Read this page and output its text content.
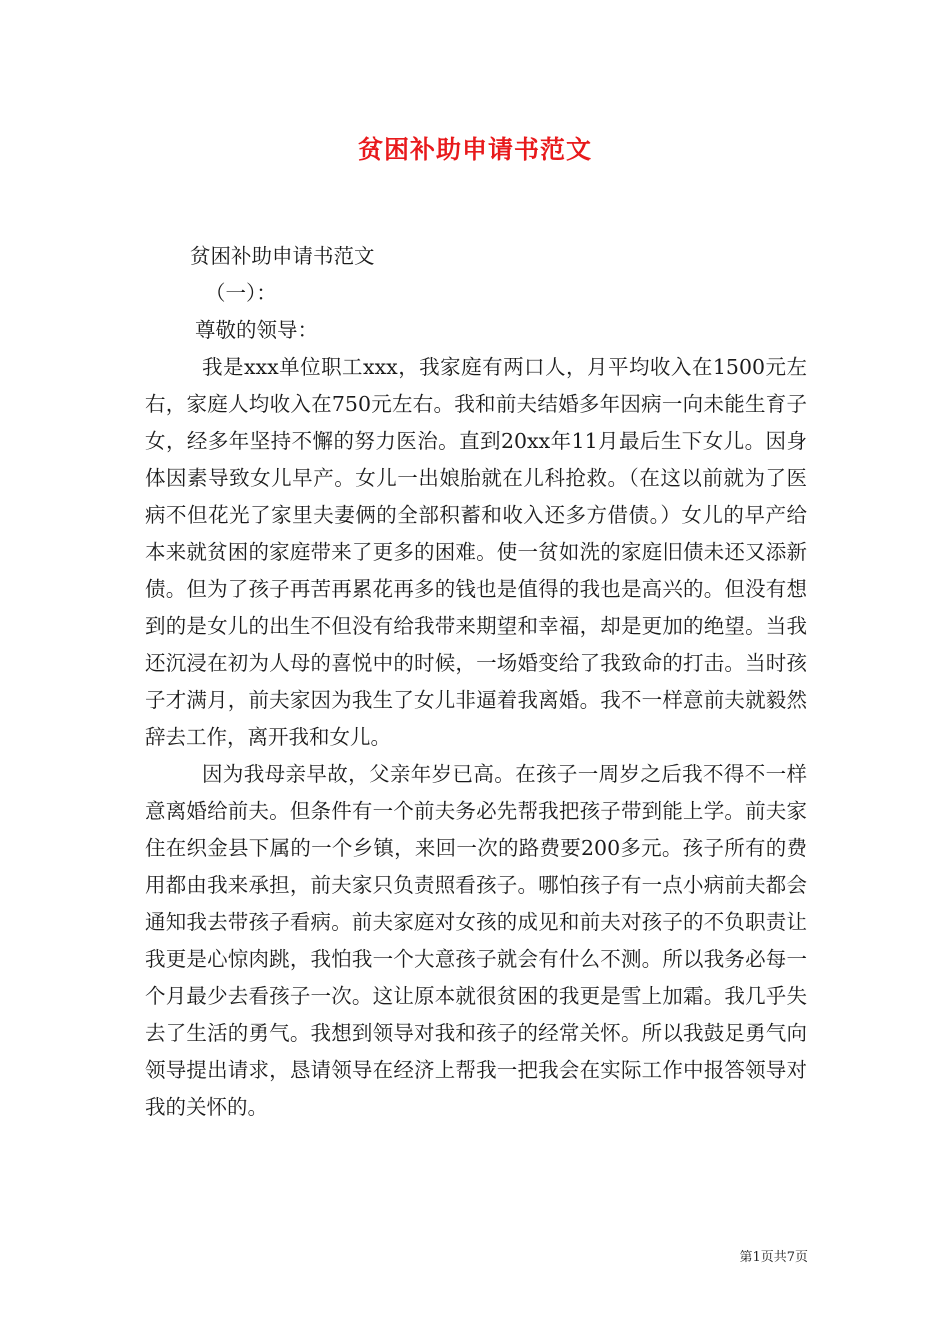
贫困补助申请书范文

贫困补助申请书范文

（一）：

尊敬的领导：

我是xxx单位职工xxx，我家庭有两口人，月平均收入在1500元左右，家庭人均收入在750元左右。我和前夫结婚多年因病一向未能生育子女，经多年坚持不懈的努力医治。直到20xx年11月最后生下女儿。因身体因素导致女儿早产。女儿一出娘胎就在儿科抢救。（在这以前就为了医病不但花光了家里夫妻俩的全部积蓄和收入还多方借债。）女儿的早产给本来就贫困的家庭带来了更多的困难。使一贫如洗的家庭旧债未还又添新债。但为了孩子再苦再累花再多的钱也是值得的我也是高兴的。但没有想到的是女儿的出生不但没有给我带来期望和幸福，却是更加的绝望。当我还沉浸在初为人母的喜悦中的时候，一场婚变给了我致命的打击。当时孩子才满月，前夫家因为我生了女儿非逼着我离婚。我不一样意前夫就毅然辞去工作，离开我和女儿。

因为我母亲早故，父亲年岁已高。在孩子一周岁之后我不得不一样意离婚给前夫。但条件有一个前夫务必先帮我把孩子带到能上学。前夫家住在织金县下属的一个乡镇，来回一次的路费要200多元。孩子所有的费用都由我来承担，前夫家只负责照看孩子。哪怕孩子有一点小病前夫都会通知我去带孩子看病。前夫家庭对女孩的成见和前夫对孩子的不负职责让我更是心惊肉跳，我怕我一个大意孩子就会有什么不测。所以我务必每一个月最少去看孩子一次。这让原本就很贫困的我更是雪上加霜。我几乎失去了生活的勇气。我想到领导对我和孩子的经常关怀。所以我鼓足勇气向领导提出请求，恳请领导在经济上帮我一把我会在实际工作中报答领导对我的关怀的。

第1页共7页
